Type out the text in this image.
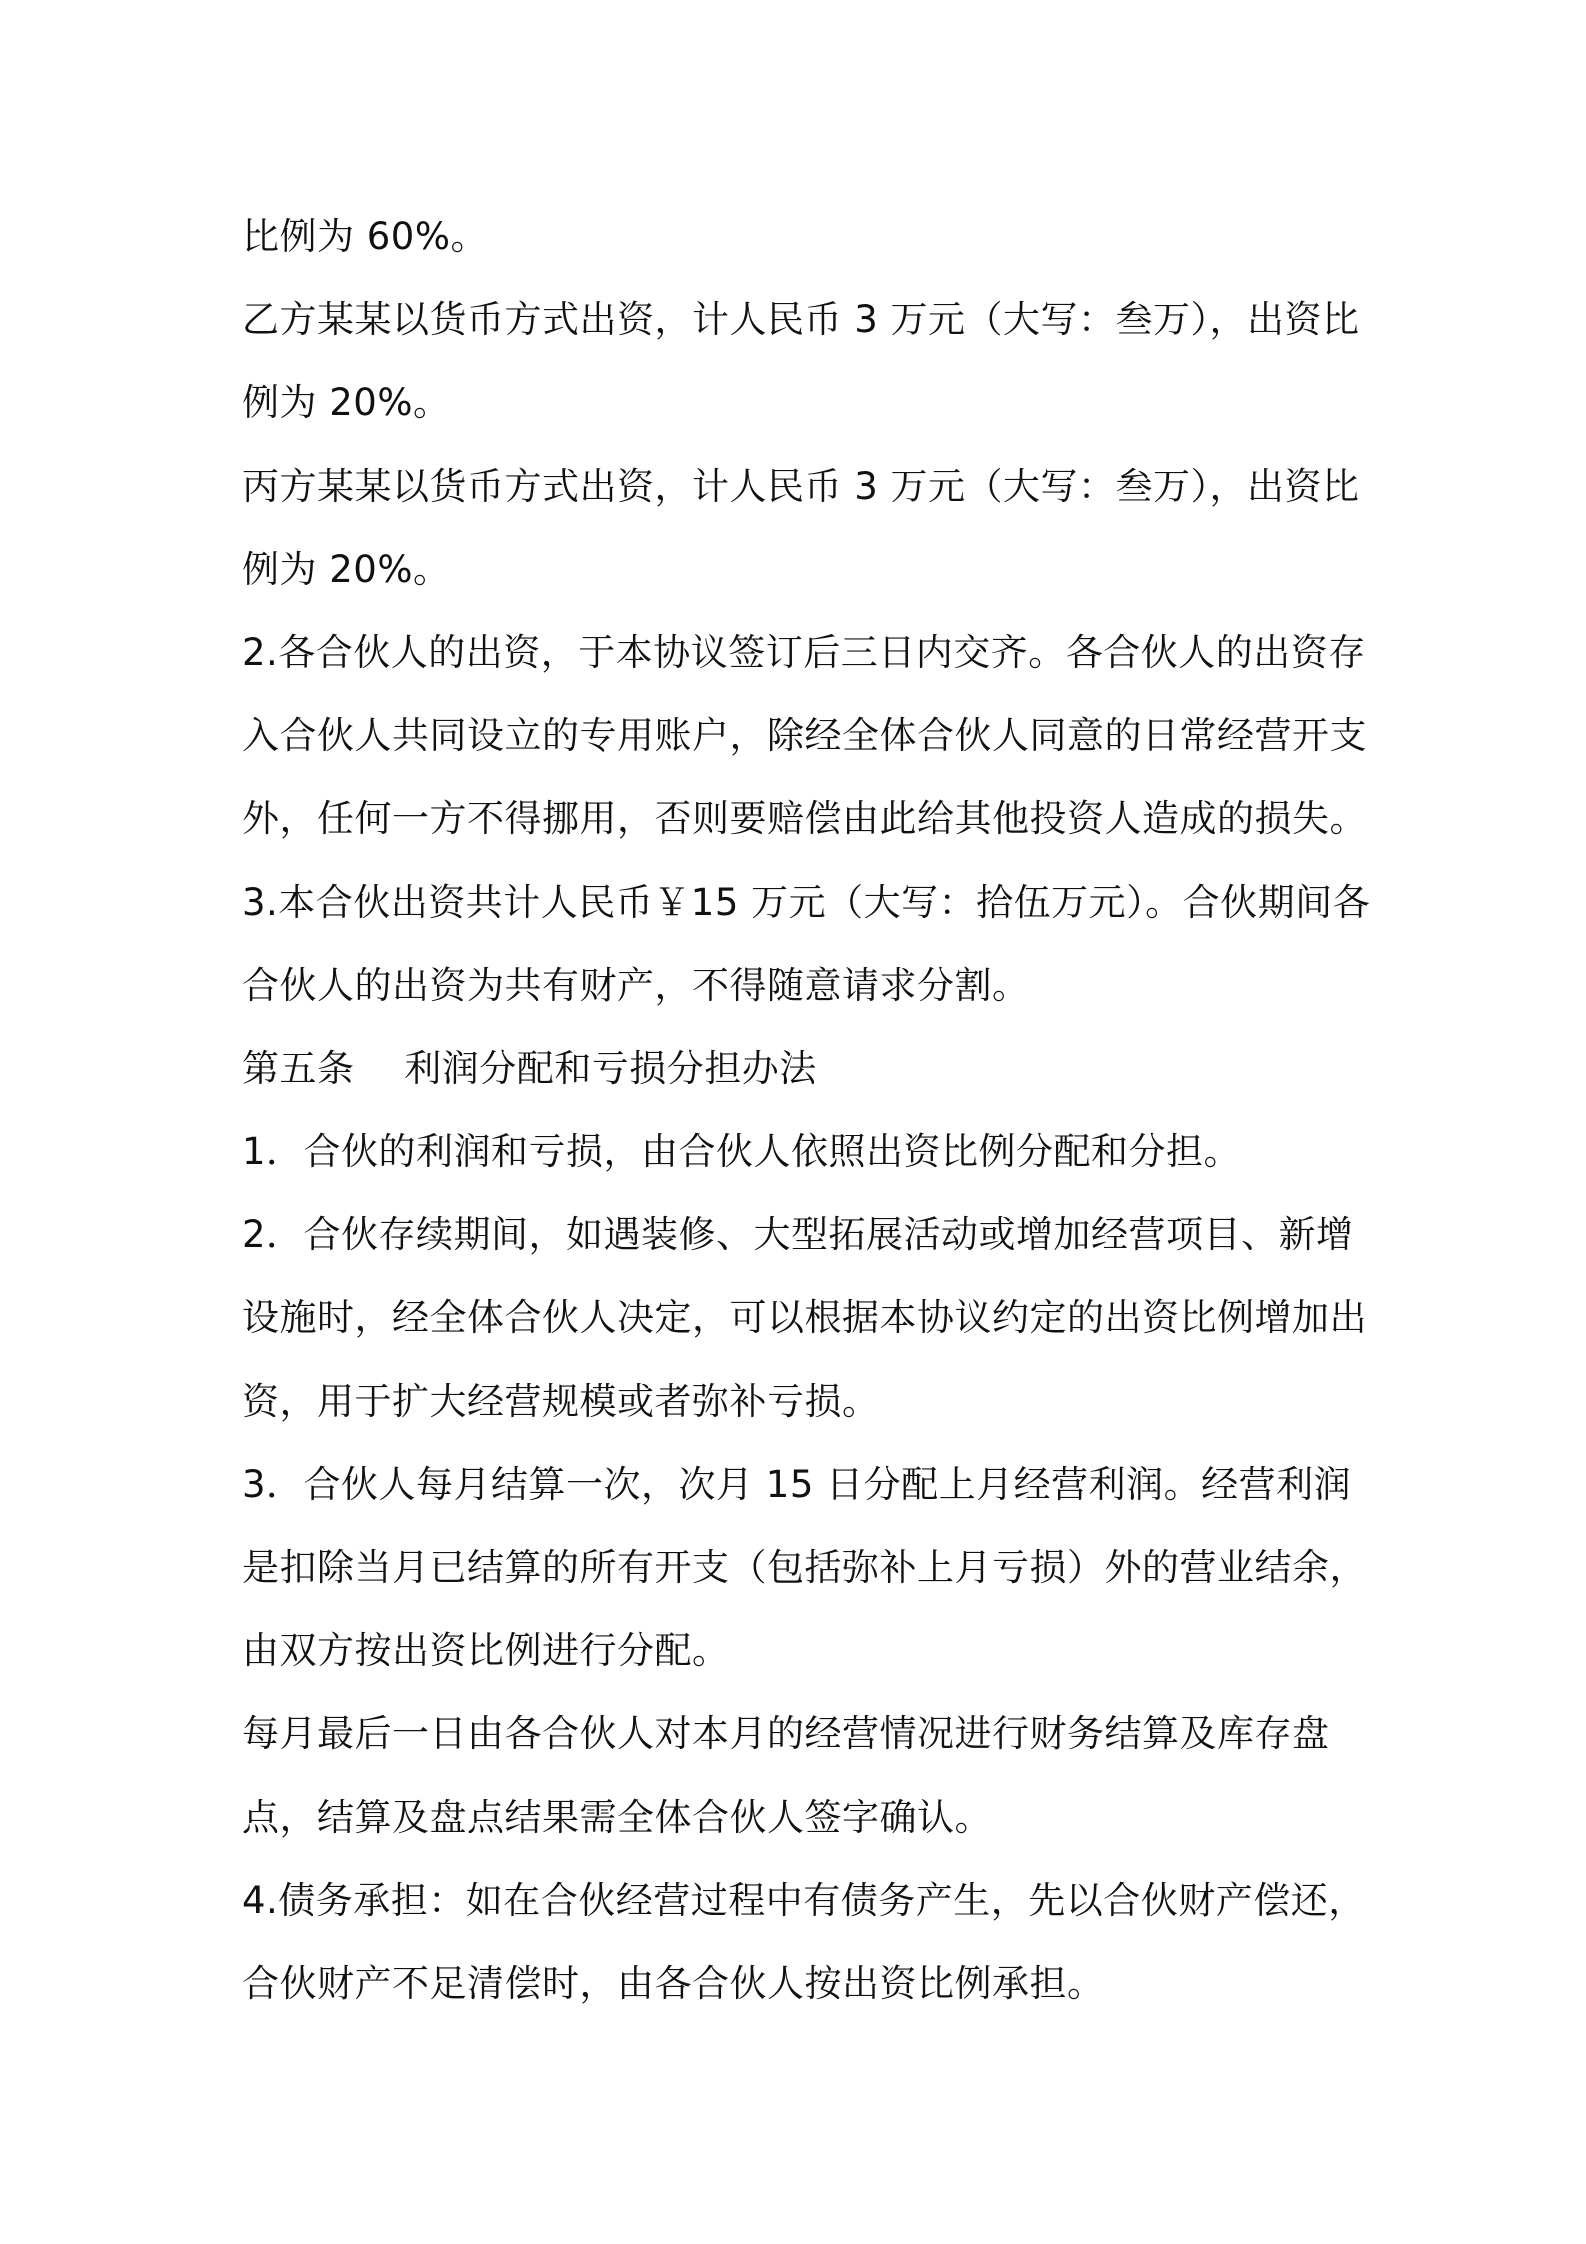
比例为 60%。
乙方某某以货币方式出资，计人民币 3 万元（大写：叁万），出资比
例为 20%。
丙方某某以货币方式出资，计人民币 3 万元（大写：叁万），出资比
例为 20%。
2.各合伙人的出资，于本协议签订后三日内交齐。各合伙人的出资存
入合伙人共同设立的专用账户，除经全体合伙人同意的日常经营开支
外，任何一方不得挪用，否则要赔偿由此给其他投资人造成的损失。
3.本合伙出资共计人民币￥15 万元（大写：拾伍万元）。合伙期间各
合伙人的出资为共有财产，不得随意请求分割。
第五条　 利润分配和亏损分担办法
1．合伙的利润和亏损，由合伙人依照出资比例分配和分担。
2．合伙存续期间，如遇装修、大型拓展活动或增加经营项目、新增
设施时，经全体合伙人决定，可以根据本协议约定的出资比例增加出
资，用于扩大经营规模或者弥补亏损。
3．合伙人每月结算一次，次月 15 日分配上月经营利润。经营利润
是扣除当月已结算的所有开支（包括弥补上月亏损）外的营业结余，
由双方按出资比例进行分配。
每月最后一日由各合伙人对本月的经营情况进行财务结算及库存盘
点，结算及盘点结果需全体合伙人签字确认。
4.债务承担：如在合伙经营过程中有债务产生，先以合伙财产偿还，
合伙财产不足清偿时，由各合伙人按出资比例承担。
